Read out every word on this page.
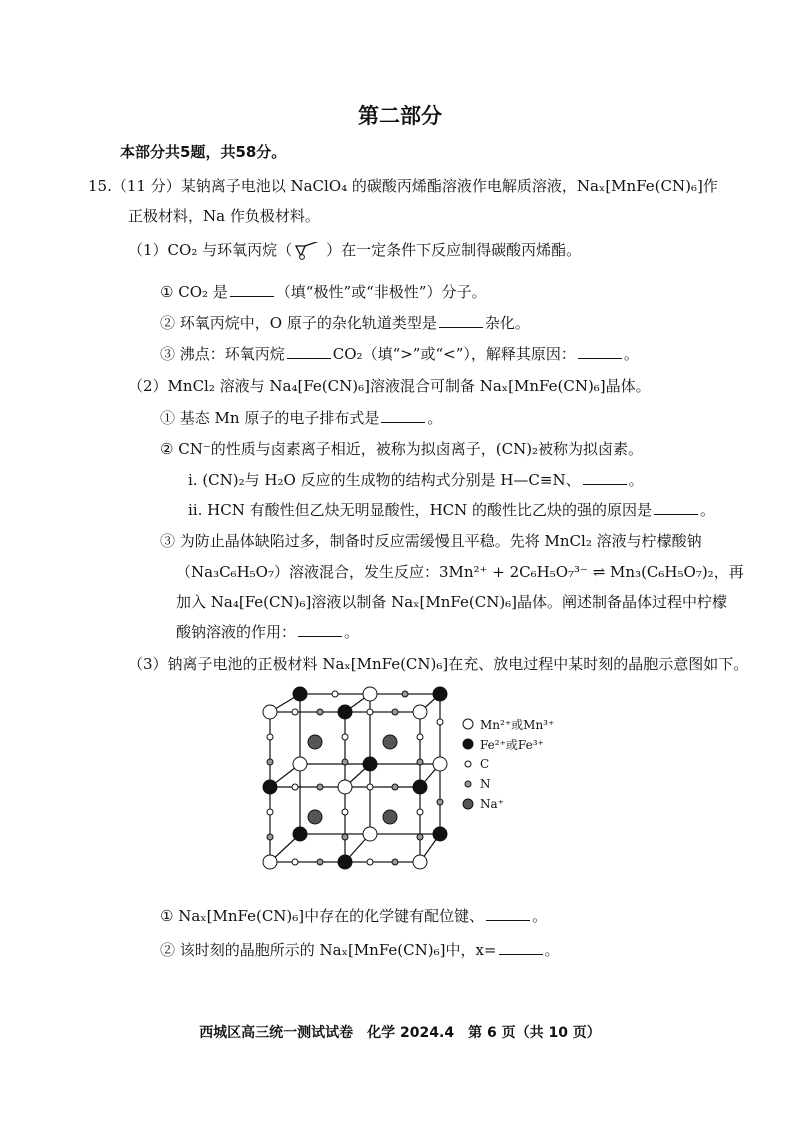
第二部分
本部分共5题，共58分。
15.（11 分）某钠离子电池以 NaClO₄ 的碳酸丙烯酯溶液作电解质溶液，Naₓ[MnFe(CN)₆]作
正极材料，Na 作负极材料。
（1）CO₂ 与环氧丙烷（ ）在一定条件下反应制得碳酸丙烯酯。
① CO₂ 是	（填“极性”或“非极性”）分子。
② 环氧丙烷中，O 原子的杂化轨道类型是	杂化。
③ 沸点：环氧丙烷	CO₂（填“>”或“<”），解释其原因：	。
（2）MnCl₂ 溶液与 Na₄[Fe(CN)₆]溶液混合可制备 Naₓ[MnFe(CN)₆]晶体。
① 基态 Mn 原子的电子排布式是	。
② CN⁻的性质与卤素离子相近，被称为拟卤离子，(CN)₂被称为拟卤素。
ⅰ. (CN)₂与 H₂O 反应的生成物的结构式分别是 H—C≡N、	。
ⅱ. HCN 有酸性但乙炔无明显酸性，HCN 的酸性比乙炔的强的原因是	。
③ 为防止晶体缺陷过多，制备时反应需缓慢且平稳。先将 MnCl₂ 溶液与柠檬酸钠
（Na₃C₆H₅O₇）溶液混合，发生反应：3Mn²⁺ + 2C₆H₅O₇³⁻ ⇌ Mn₃(C₆H₅O₇)₂，再
加入 Na₄[Fe(CN)₆]溶液以制备 Naₓ[MnFe(CN)₆]晶体。阐述制备晶体过程中柠檬
酸钠溶液的作用：	。
（3）钠离子电池的正极材料 Naₓ[MnFe(CN)₆]在充、放电过程中某时刻的晶胞示意图如下。
Mn²⁺或Mn³⁺
Fe²⁺或Fe³⁺
C
N
Na⁺
① Naₓ[MnFe(CN)₆]中存在的化学键有配位键、	。
② 该时刻的晶胞所示的 Naₓ[MnFe(CN)₆]中，x=	。
西城区高三统一测试试卷　化学 2024.4　第 6 页（共 10 页）
